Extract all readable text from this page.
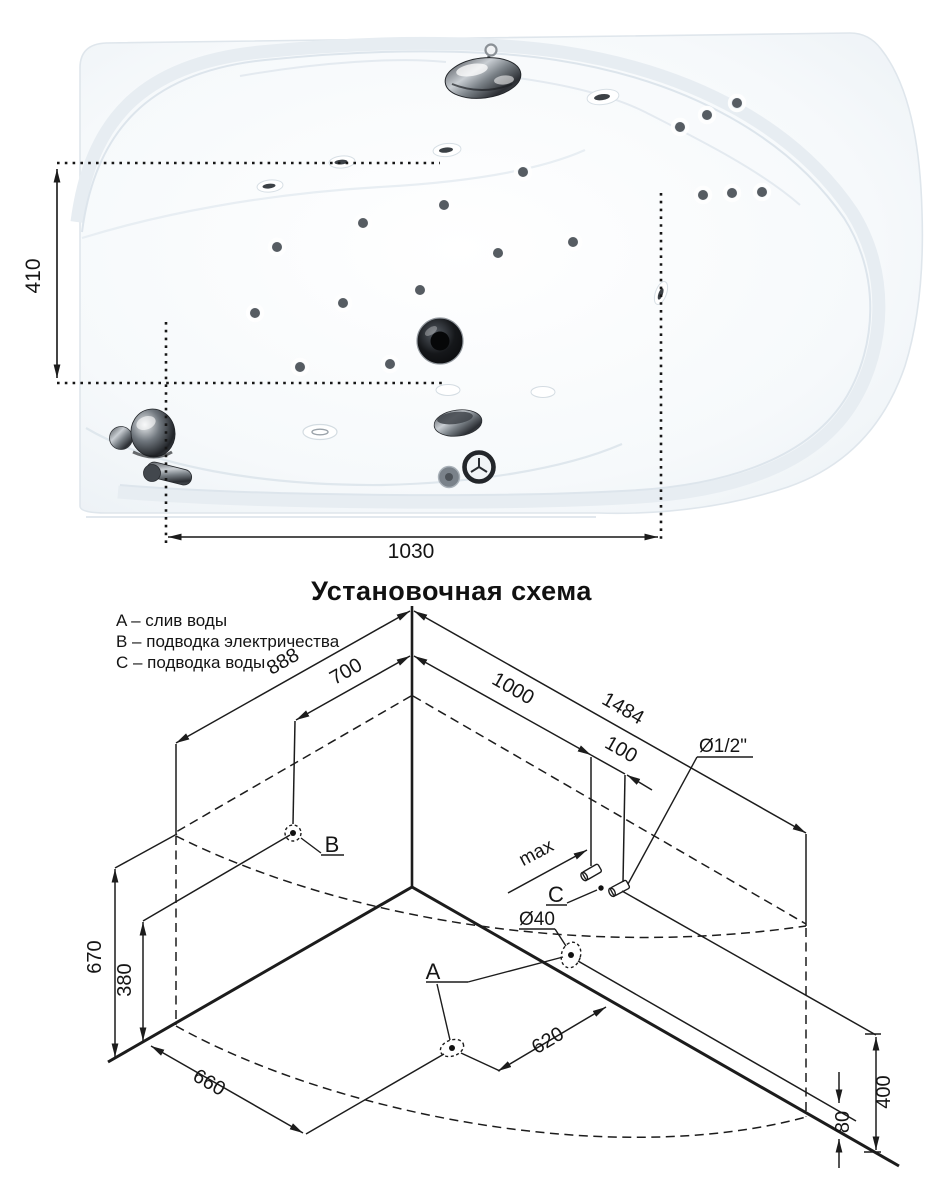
410
1030
888 700	1000	1484
100	Ø1/2"
max
C
Ø40
A
B
670
380
660
620
400
80
Установочная схема
A – слив воды
B – подводка электричества
C – подводка воды
